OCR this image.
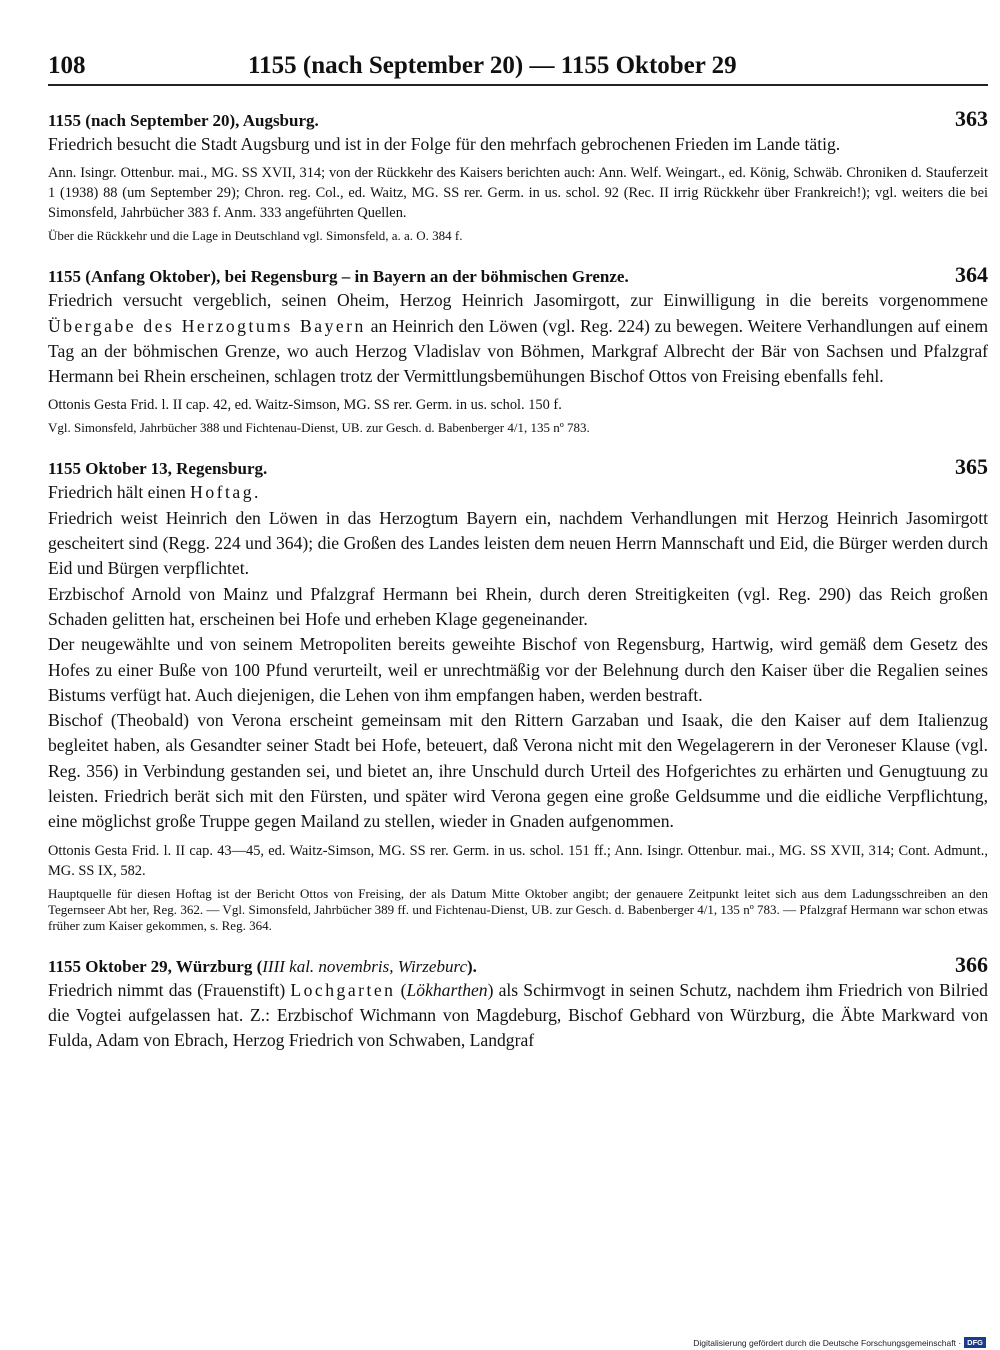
108	1155 (nach September 20) — 1155 Oktober 29
1155 (nach September 20), Augsburg.	363
Friedrich besucht die Stadt Augsburg und ist in der Folge für den mehrfach gebrochenen Frieden im Lande tätig.
Ann. Isingr. Ottenbur. mai., MG. SS XVII, 314; von der Rückkehr des Kaisers berichten auch: Ann. Welf. Weingart., ed. König, Schwäb. Chroniken d. Stauferzeit 1 (1938) 88 (um September 29); Chron. reg. Col., ed. Waitz, MG. SS rer. Germ. in us. schol. 92 (Rec. II irrig Rückkehr über Frankreich!); vgl. weiters die bei Simonsfeld, Jahrbücher 383 f. Anm. 333 angeführten Quellen.
Über die Rückkehr und die Lage in Deutschland vgl. Simonsfeld, a. a. O. 384 f.
1155 (Anfang Oktober), bei Regensburg – in Bayern an der böhmischen Grenze.	364
Friedrich versucht vergeblich, seinen Oheim, Herzog Heinrich Jasomirgott, zur Einwilligung in die bereits vorgenommene Übergabe des Herzogtums Bayern an Heinrich den Löwen (vgl. Reg. 224) zu bewegen. Weitere Verhandlungen auf einem Tag an der böhmischen Grenze, wo auch Herzog Vladislav von Böhmen, Markgraf Albrecht der Bär von Sachsen und Pfalzgraf Hermann bei Rhein erscheinen, schlagen trotz der Vermittlungsbemühungen Bischof Ottos von Freising ebenfalls fehl.
Ottonis Gesta Frid. l. II cap. 42, ed. Waitz-Simson, MG. SS rer. Germ. in us. schol. 150 f.
Vgl. Simonsfeld, Jahrbücher 388 und Fichtenau-Dienst, UB. zur Gesch. d. Babenberger 4/1, 135 nº 783.
1155 Oktober 13, Regensburg.	365
Friedrich hält einen Hoftag.
Friedrich weist Heinrich den Löwen in das Herzogtum Bayern ein, nachdem Verhandlungen mit Herzog Heinrich Jasomirgott gescheitert sind (Regg. 224 und 364); die Großen des Landes leisten dem neuen Herrn Mannschaft und Eid, die Bürger werden durch Eid und Bürgen verpflichtet.
Erzbischof Arnold von Mainz und Pfalzgraf Hermann bei Rhein, durch deren Streitigkeiten (vgl. Reg. 290) das Reich großen Schaden gelitten hat, erscheinen bei Hofe und erheben Klage gegeneinander.
Der neugewählte und von seinem Metropoliten bereits geweihte Bischof von Regensburg, Hartwig, wird gemäß dem Gesetz des Hofes zu einer Buße von 100 Pfund verurteilt, weil er unrechtmäßig vor der Belehnung durch den Kaiser über die Regalien seines Bistums verfügt hat. Auch diejenigen, die Lehen von ihm empfangen haben, werden bestraft.
Bischof (Theobald) von Verona erscheint gemeinsam mit den Rittern Garzaban und Isaak, die den Kaiser auf dem Italienzug begleitet haben, als Gesandter seiner Stadt bei Hofe, beteuert, daß Verona nicht mit den Wegelagerern in der Veroneser Klause (vgl. Reg. 356) in Verbindung gestanden sei, und bietet an, ihre Unschuld durch Urteil des Hofgerichtes zu erhärten und Genugtuung zu leisten. Friedrich berät sich mit den Fürsten, und später wird Verona gegen eine große Geldsumme und die eidliche Verpflichtung, eine möglichst große Truppe gegen Mailand zu stellen, wieder in Gnaden aufgenommen.
Ottonis Gesta Frid. l. II cap. 43—45, ed. Waitz-Simson, MG. SS rer. Germ. in us. schol. 151 ff.; Ann. Isingr. Ottenbur. mai., MG. SS XVII, 314; Cont. Admunt., MG. SS IX, 582.
Hauptquelle für diesen Hoftag ist der Bericht Ottos von Freising, der als Datum Mitte Oktober angibt; der genauere Zeitpunkt leitet sich aus dem Ladungsschreiben an den Tegernseer Abt her, Reg. 362. — Vgl. Simonsfeld, Jahrbücher 389 ff. und Fichtenau-Dienst, UB. zur Gesch. d. Babenberger 4/1, 135 nº 783. — Pfalzgraf Hermann war schon etwas früher zum Kaiser gekommen, s. Reg. 364.
1155 Oktober 29, Würzburg (IIII kal. novembris, Wirzeburc).	366
Friedrich nimmt das (Frauenstift) Lochgarten (Lökharthen) als Schirmvogt in seinen Schutz, nachdem ihm Friedrich von Bilried die Vogtei aufgelassen hat. Z.: Erzbischof Wichmann von Magdeburg, Bischof Gebhard von Würzburg, die Äbte Markward von Fulda, Adam von Ebrach, Herzog Friedrich von Schwaben, Landgraf
Digitalisierung gefördert durch die Deutsche Forschungsgemeinschaft · DFG
